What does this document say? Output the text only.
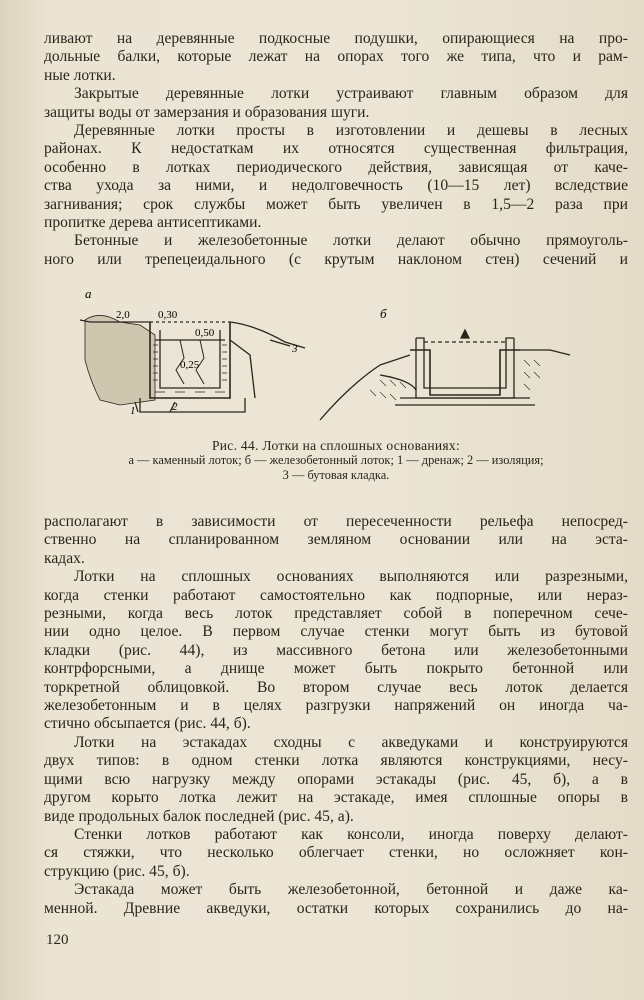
ливают на деревянные подкосные подушки, опирающиеся на про-

дольные балки, которые лежат на опорах того же типа, что и рам-

ные лотки.

Закрытые деревянные лотки устраивают главным образом для

защиты воды от замерзания и образования шуги.

Деревянные лотки просты в изготовлении и дешевы в лесных

районах. К недостаткам их относятся существенная фильтрация,

особенно в лотках периодического действия, зависящая от каче-

ства ухода за ними, и недолговечность (10—15 лет) вследствие

загнивания; срок службы может быть увеличен в 1,5—2 раза при

пропитке дерева антисептиками.

Бетонные и железобетонные лотки делают обычно прямоуголь-

ного или трепецеидального (с крутым наклоном стен) сечений и

а
б
2,0	0,30
0,50
0,25
1	2
3
Рис. 44. Лотки на сплошных основаниях:
а — каменный лоток; б — железобетонный лоток; 1 — дренаж; 2 — изоляция;
3 — бутовая кладка.

располагают в зависимости от пересеченности рельефа непосред-

ственно на спланированном земляном основании или на эста-

кадах.

Лотки на сплошных основаниях выполняются или разрезными,

когда стенки работают самостоятельно как подпорные, или нераз-

резными, когда весь лоток представляет собой в поперечном сече-

нии одно целое. В первом случае стенки могут быть из бутовой

кладки (рис. 44), из массивного бетона или железобетонными

контрфорсными, а днище может быть покрыто бетонной или

торкретной облицовкой. Во втором случае весь лоток делается

железобетонным и в целях разгрузки напряжений он иногда ча-

стично обсыпается (рис. 44, б).

Лотки на эстакадах сходны с акведуками и конструируются

двух типов: в одном стенки лотка являются конструкциями, несу-

щими всю нагрузку между опорами эстакады (рис. 45, б), а в

другом корыто лотка лежит на эстакаде, имея сплошные опоры в

виде продольных балок последней (рис. 45, а).

Стенки лотков работают как консоли, иногда поверху делают-

ся стяжки, что несколько облегчает стенки, но осложняет кон-

струкцию (рис. 45, б).

Эстакада может быть железобетонной, бетонной и даже ка-

менной. Древние акведуки, остатки которых сохранились до на-

120
